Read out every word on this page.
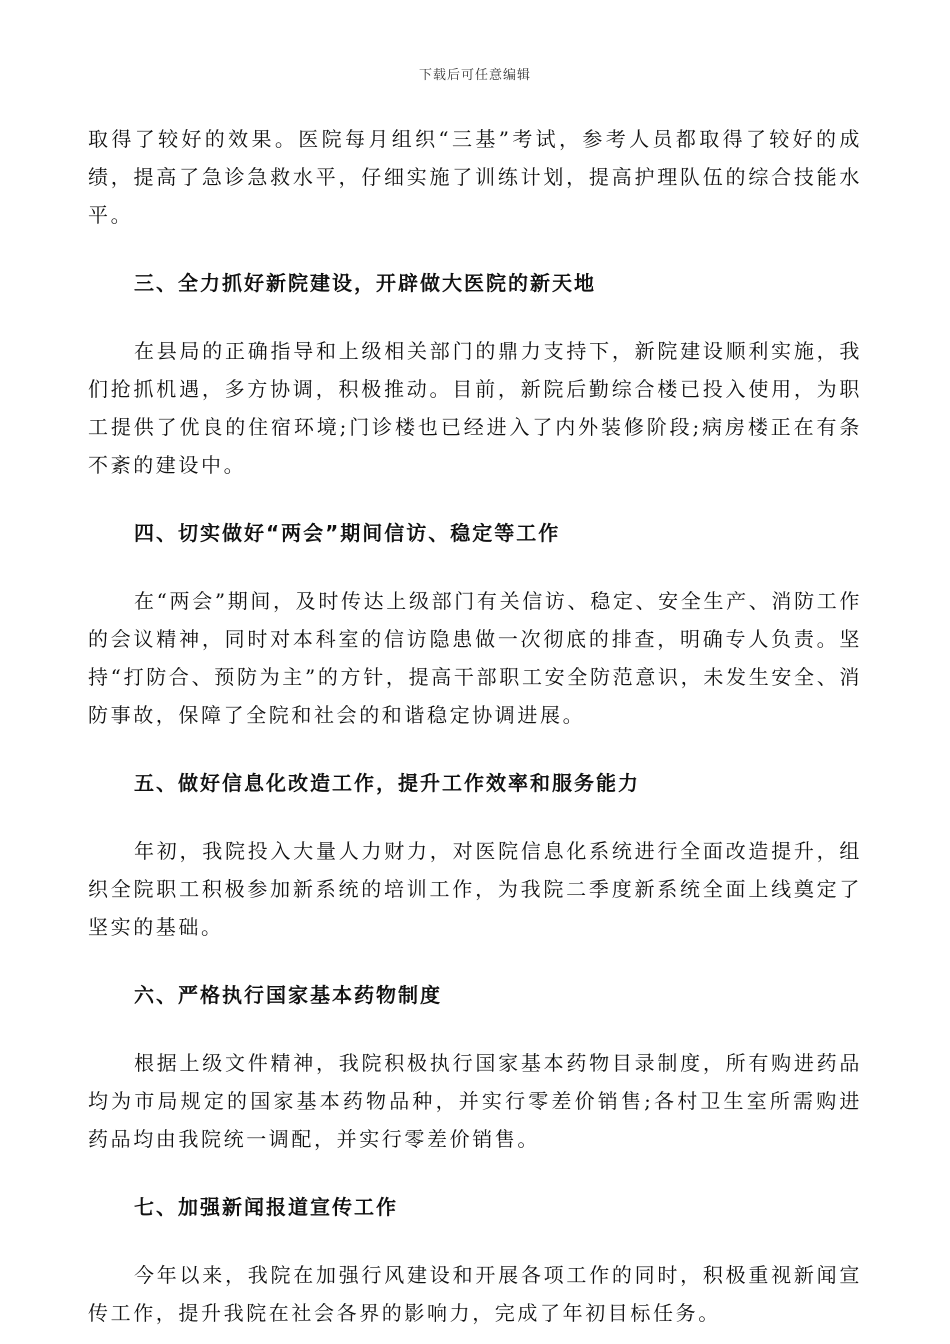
下载后可任意编辑

取得了较好的效果。医院每月组织“三基”考试，参考人员都取得了较好的成绩，提高了急诊急救水平，仔细实施了训练计划，提高护理队伍的综合技能水平。

三、全力抓好新院建设，开辟做大医院的新天地

在县局的正确指导和上级相关部门的鼎力支持下，新院建设顺利实施，我们抢抓机遇，多方协调，积极推动。目前，新院后勤综合楼已投入使用，为职工提供了优良的住宿环境;门诊楼也已经进入了内外装修阶段;病房楼正在有条不紊的建设中。

四、切实做好“两会”期间信访、稳定等工作

在“两会”期间，及时传达上级部门有关信访、稳定、安全生产、消防工作的会议精神，同时对本科室的信访隐患做一次彻底的排查，明确专人负责。坚持“打防合、预防为主”的方针，提高干部职工安全防范意识，未发生安全、消防事故，保障了全院和社会的和谐稳定协调进展。

五、做好信息化改造工作，提升工作效率和服务能力

年初，我院投入大量人力财力，对医院信息化系统进行全面改造提升，组织全院职工积极参加新系统的培训工作，为我院二季度新系统全面上线奠定了坚实的基础。

六、严格执行国家基本药物制度

根据上级文件精神，我院积极执行国家基本药物目录制度，所有购进药品均为市局规定的国家基本药物品种，并实行零差价销售;各村卫生室所需购进药品均由我院统一调配，并实行零差价销售。

七、加强新闻报道宣传工作

今年以来，我院在加强行风建设和开展各项工作的同时，积极重视新闻宣传工作，提升我院在社会各界的影响力，完成了年初目标任务。
